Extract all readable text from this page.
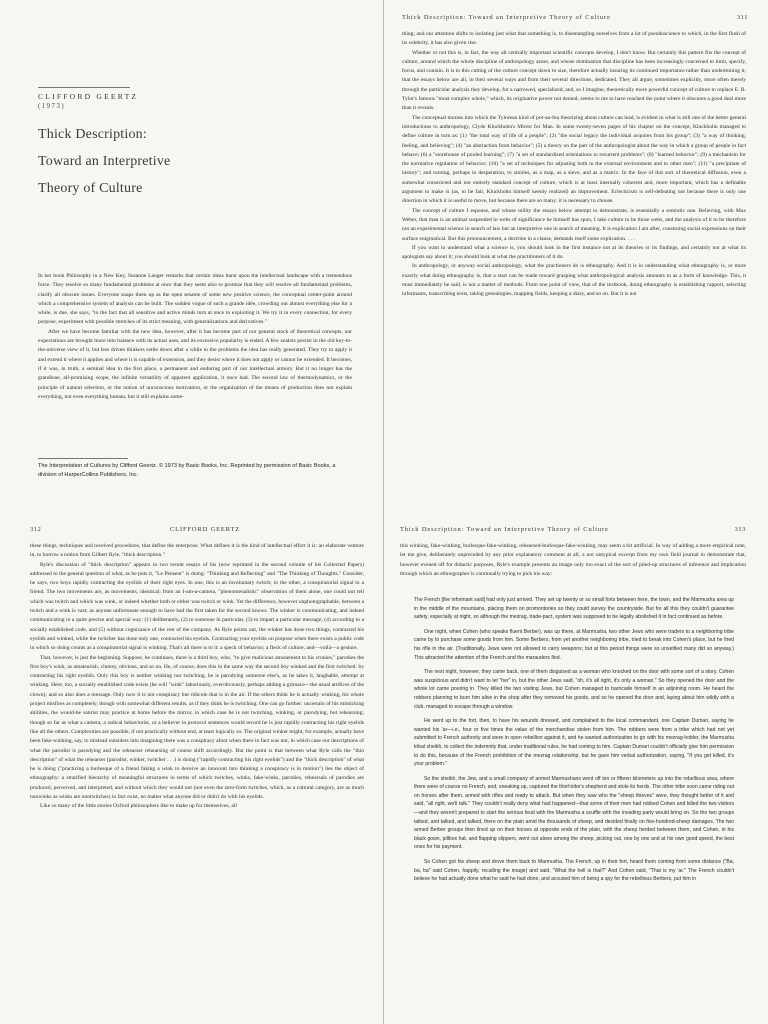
CLIFFORD GEERTZ
(1973)
Thick Description:
Toward an Interpretive
Theory of Culture

In her book Philosophy in a New Key, Susanne Langer remarks that certain ideas burst upon the intellectual landscape with a tremendous force. They resolve so many fundamental problems at once that they seem also to promise that they will resolve all fundamental problems, clarify all obscure issues. Everyone snaps them up as the open sesame of some new positive science, the conceptual center-point around which a comprehensive system of analysis can be built. The sudden vogue of such a grande idée, crowding out almost everything else for a while, is due, she says, "to the fact that all sensitive and active minds turn at once to exploiting it. We try it in every connection, for every purpose, experiment with possible stretches of its strict meaning, with generalizations and derivatives."

After we have become familiar with the new idea, however, after it has become part of our general stock of theoretical concepts, our expectations are brought more into balance with its actual uses, and its excessive popularity is ended. A few zealots persist in the old key-to-the-universe view of it, but less driven thinkers settle down after a while to the problems the idea has really generated. They try to apply it and extend it where it applies and where it is capable of extension, and they desist where it does not apply or cannot be extended. It becomes, if it was, in truth, a seminal idea in the first place, a permanent and enduring part of our intellectual armory. But it no longer has the grandiose, all-promising scope, the infinite versatility of apparent application, it once had. The second law of thermodynamics, or the principle of natural selection, or the notion of unconscious motivation, or the organization of the means of production does not explain everything, not even everything human, but it still explains some-

The Interpretation of Cultures by Clifford Geertz. © 1973 by Basic Books, Inc. Reprinted by permission of Basic Books, a division of HarperCollins Publishers, Inc.
Thick Description: Toward an Interpretive Theory of Culture	311

thing; and our attention shifts to isolating just what that something is, to disentangling ourselves from a lot of pseudoscience to which, in the first flush of its celebrity, it has also given rise.

Whether or not this is, in fact, the way all centrally important scientific concepts develop, I don't know. But certainly this pattern fits the concept of culture, around which the whole discipline of anthropology arose, and whose domination that discipline has been increasingly concerned to limit, specify, focus, and contain. It is to this cutting of the culture concept down to size, therefore actually insuring its continued importance rather than undermining it, that the essays below are all, in their several ways and from their several directions, dedicated. They all argue, sometimes explicitly, more often merely through the particular analysis they develop, for a narrowed, specialized, and, so I imagine, theoretically more powerful concept of culture to replace E. B. Tylor's famous "most complex whole," which, its originative power not denied, seems to me to have reached the point where it obscures a good deal more than it reveals.

The conceptual morass into which the Tylorean kind of pot-au-feu theorizing about culture can lead, is evident in what is still one of the better general introductions to anthropology, Clyde Kluckhohn's Mirror for Man. In some twenty-seven pages of his chapter on the concept, Kluckhohn managed to define culture in turn as: (1) "the total way of life of a people"; (2) "the social legacy the individual acquires from his group"; (3) "a way of thinking, feeling, and believing"; (4) "an abstraction from behavior"; (5) a theory on the part of the anthropologist about the way in which a group of people in fact behave; (6) a "storehouse of pooled learning"; (7) "a set of standardized orientations to recurrent problems"; (8) "learned behavior"; (9) a mechanism for the normative regulation of behavior; (10) "a set of techniques for adjusting both to the external environment and to other men"; (11) "a precipitate of history"; and turning, perhaps in desperation, to similes, as a map, as a sieve, and as a matrix. In the face of this sort of theoretical diffusion, even a somewhat constricted and not entirely standard concept of culture, which is at least internally coherent and, more important, which has a definable argument to make is (as, to be fair, Kluckhohn himself keenly realized) an improvement. Eclecticism is self-defeating not because there is only one direction in which it is useful to move, but because there are so many: it is necessary to choose.

The concept of culture I espouse, and whose utility the essays below attempt to demonstrate, is essentially a semiotic one. Believing, with Max Weber, that man is an animal suspended in webs of significance he himself has spun, I take culture to be those webs, and the analysis of it to be therefore not an experimental science in search of law but an interpretive one in search of meaning. It is explication I am after, construing social expressions on their surface enigmatical. But this pronouncement, a doctrine in a clause, demands itself some explication. . . .

If you want to understand what a science is, you should look in the first instance not at its theories or its findings, and certainly not at what its apologists say about it; you should look at what the practitioners of it do.

In anthropology, or anyway social anthropology, what the practioners do is ethnography. And it is in understanding what ethnography is, or more exactly what doing ethnography is, that a start can be made toward grasping what anthropological analysis amounts to as a form of knowledge. This, it must immediately be said, is not a matter of methods. From one point of view, that of the textbook, doing ethnography is establishing rapport, selecting informants, transcribing texts, taking genealogies, mapping fields, keeping a diary, and so on. But it is not

312	CLIFFORD GEERTZ

these things, techniques and received procedures, that define the enterprise. What defines it is the kind of intellectual effort it is: an elaborate venture in, to borrow a notion from Gilbert Ryle, "thick description."

Ryle's discussion of "thick description" appears in two recent essays of his (now reprinted in the second volume of his Collected Papers) addressed to the general question of what, as he puts it, "Le Penseur" is doing: "Thinking and Reflecting" and "The Thinking of Thoughts." Consider, he says, two boys rapidly contracting the eyelids of their right eyes. In one, this is an involuntary twitch; in the other, a conspiratorial signal to a friend. The two movements are, as movements, identical; from an I-am-a-camera, "phenomenalistic" observation of them alone, one could not tell which was twitch and which was wink, or indeed whether both or either was twitch or wink. Yet the difference, however unphotographable, between a twitch and a wink is vast; as anyone unfortunate enough to have had the first taken for the second knows. The winker is communicating, and indeed communicating in a quite precise and special way: (1) deliberately, (2) to someone in particular, (3) to impart a particular message, (4) according to a socially established code, and (5) without cognizance of the rest of the company. As Ryle points out, the winker has done two things, contracted his eyelids and winked, while the twitcher has done only one, contracted his eyelids. Contracting your eyelids on purpose when there exists a public code in which so doing counts as a conspiratorial signal is winking. That's all there is to it: a speck of behavior, a fleck of culture, and—voilà—a gesture.

That, however, is just the beginning. Suppose, he continues, there is a third boy, who, "to give malicious amusement to his cronies," parodies the first boy's wink, as amateurish, clumsy, obvious, and so on. He, of course, does this in the same way the second boy winked and the first twitched: by contracting his right eyelids. Only this boy is neither winking nor twitching, he is parodying someone else's, as he takes it, laughable, attempt at winking. Here, too, a socially established code exists (he will "wink" laboriously, overobviously, perhaps adding a grimace—the usual artifices of the clown); and so also does a message. Only now it is not conspiracy but ridicule that is in the air. If the others think he is actually winking, his whole project misfires as completely, though with somewhat different results, as if they think he is twitching. One can go further: uncertain of his mimicking abilities, the would-be satirist may practice at home before the mirror, in which case he is not twitching, winking, or parodying, but rehearsing; though so far as what a camera, a radical behaviorist, or a believer in protocol sentences would record he is just rapidly contracting his right eyelids like all the others. Complexities are possible, if not practically without end, at least logically so. The original winker might, for example, actually have been fake-winking, say, to mislead outsiders into imagining there was a conspiracy afoot when there in fact was not, in which case our descriptions of what the parodist is parodying and the rehearser rehearsing of course shift accordingly. But the point is that between what Ryle calls the "thin description" of what the rehearser (parodist, winker, twitcher . . .) is doing ("rapidly contracting his right eyelids") and the "thick description" of what he is doing ("practicing a burlesque of a friend faking a wink to deceive an innocent into thinking a conspiracy is in motion") lies the object of ethnography: a stratified hierarchy of meaningful structures in terms of which twitches, winks, fake-winks, parodies, rehearsals of parodies are produced, perceived, and interpreted, and without which they would not (not even the zero-form twitches, which, as a cultural category, are as much nonwinks as winks are nontwitches) in fact exist, no matter what anyone did or didn't do with his eyelids.

Like so many of the little stories Oxford philosophers like to make up for themselves, all

Thick Description: Toward an Interpretive Theory of Culture	313

this winking, fake-winking, burlesque-fake-winking, rehearsed-burlesque-fake-winking, may seem a bit artificial. In way of adding a more empirical note, let me give, deliberately unpreceded by any prior explanatory comment at all, a not untypical excerpt from my own field journal to demonstrate that, however evened off for didactic purposes, Ryle's example presents an image only too exact of the sort of piled-up structures of inference and implication through which an ethnographer is continually trying to pick his way:

The French [the informant said] had only just arrived. They set up twenty or so small forts between here, the town, and the Marmusha area up in the middle of the mountains, placing them on promontories so they could survey the countryside. But for all this they couldn't guarantee safety, especially at night, so although the mezrag, trade-pact, system was supposed to be legally abolished it in fact continued as before.

One night, when Cohen (who speaks fluent Berber), was up there, at Marmusha, two other Jews who were traders to a neighboring tribe came by to purchase some goods from him. Some Berbers, from yet another neighboring tribe, tried to break into Cohen's place, but he fired his rifle in the air. (Traditionally, Jews were not allowed to carry weapons; but at this period things were so unsettled many did so anyway.) This attracted the attention of the French and the marauders fled.

The next night, however, they came back, one of them disguised as a woman who knocked on the door with some sort of a story. Cohen was suspicious and didn't want to let "her" in, but the other Jews said, "oh, it's all right, it's only a woman." So they opened the door and the whole lot came pouring in. They killed the two visiting Jews, but Cohen managed to barricade himself in an adjoining room. He heard the robbers planning to burn him alive in the shop after they removed his goods, and so he opened the door and, laying about him wildly with a club, managed to escape through a window.

He went up to the fort, then, to have his wounds dressed, and complained to the local commandant, one Captain Dumari, saying he wanted his 'ar—i.e., four or five times the value of the merchandise stolen from him. The robbers were from a tribe which had not yet submitted to French authority and were in open rebellion against it, and he wanted authorization to go with his mezrag-holder, the Marmusha tribal sheikh, to collect the indemnity that, under traditional rules, he had coming to him. Captain Dumari couldn't officially give him permission to do this, because of the French prohibition of the mezrag relationship, but he gave him verbal authorization, saying, "If you get killed, it's your problem."

So the sheikh, the Jew, and a small company of armed Marmushans went off ten or fifteen kilometers up into the rebellious area, where there were of course no French, and, sneaking up, captured the thief-tribe's shepherd and stole its herds. The other tribe soon came riding out on horses after them, armed with rifles and ready to attack. But when they saw who the "sheep thieves" were, they thought better of it and said, "all right, we'll talk." They couldn't really deny what had happened—that some of their men had robbed Cohen and killed the two visitors—and they weren't prepared to start the serious feud with the Marmusha a scuffle with the invading party would bring on. So the two groups talked, and talked, and talked, there on the plain amid the thousands of sheep, and decided finally on five-hundred-sheep damages. The two armed Berber groups then lined up on their horses at opposite ends of the plain, with the sheep herded between them, and Cohen, in his black gown, pillbox hat, and flapping slippers, went out alone among the sheep, picking out, one by one and at his own good speed, the best ones for his payment.

So Cohen got his sheep and drove them back to Marmusha. The French, up in their fort, heard them coming from some distance ("Ba, ba, ba" said Cohen, happily, recalling the image) and said, "What the hell is that?" And Cohen said, "That is my 'ar." The French couldn't believe he had actually done what he said he had done, and accused him of being a spy for the rebellious Berbers, put him in
